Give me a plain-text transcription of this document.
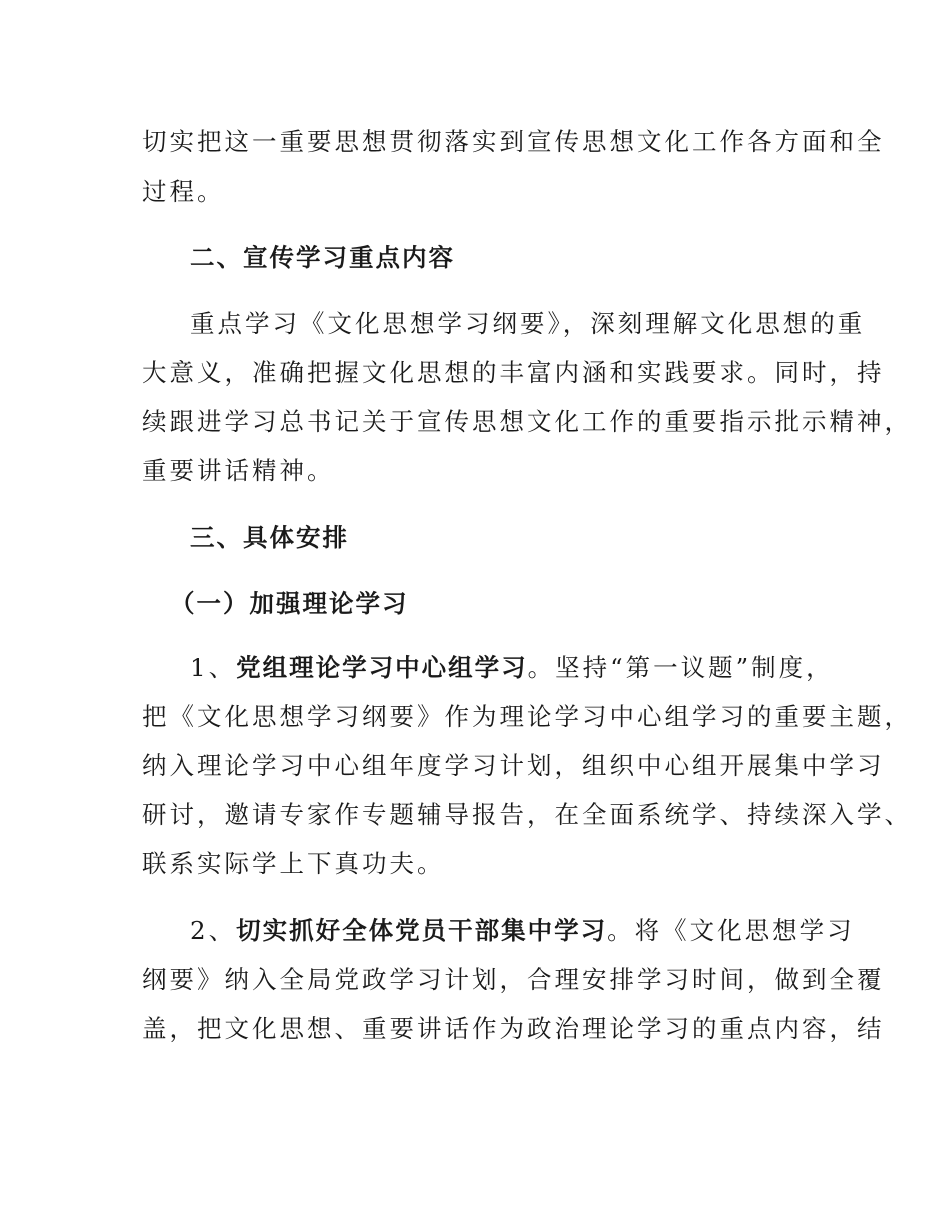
切实把这一重要思想贯彻落实到宣传思想文化工作各方面和全
过程。
二、宣传学习重点内容
重点学习《文化思想学习纲要》，深刻理解文化思想的重
大意义，准确把握文化思想的丰富内涵和实践要求。同时，持
续跟进学习总书记关于宣传思想文化工作的重要指示批示精神，
重要讲话精神。
三、具体安排
（一）加强理论学习
1、党组理论学习中心组学习。坚持“第一议题”制度，
把《文化思想学习纲要》作为理论学习中心组学习的重要主题，
纳入理论学习中心组年度学习计划，组织中心组开展集中学习
研讨，邀请专家作专题辅导报告，在全面系统学、持续深入学、
联系实际学上下真功夫。
2、切实抓好全体党员干部集中学习。将《文化思想学习
纲要》纳入全局党政学习计划，合理安排学习时间，做到全覆
盖，把文化思想、重要讲话作为政治理论学习的重点内容，结
